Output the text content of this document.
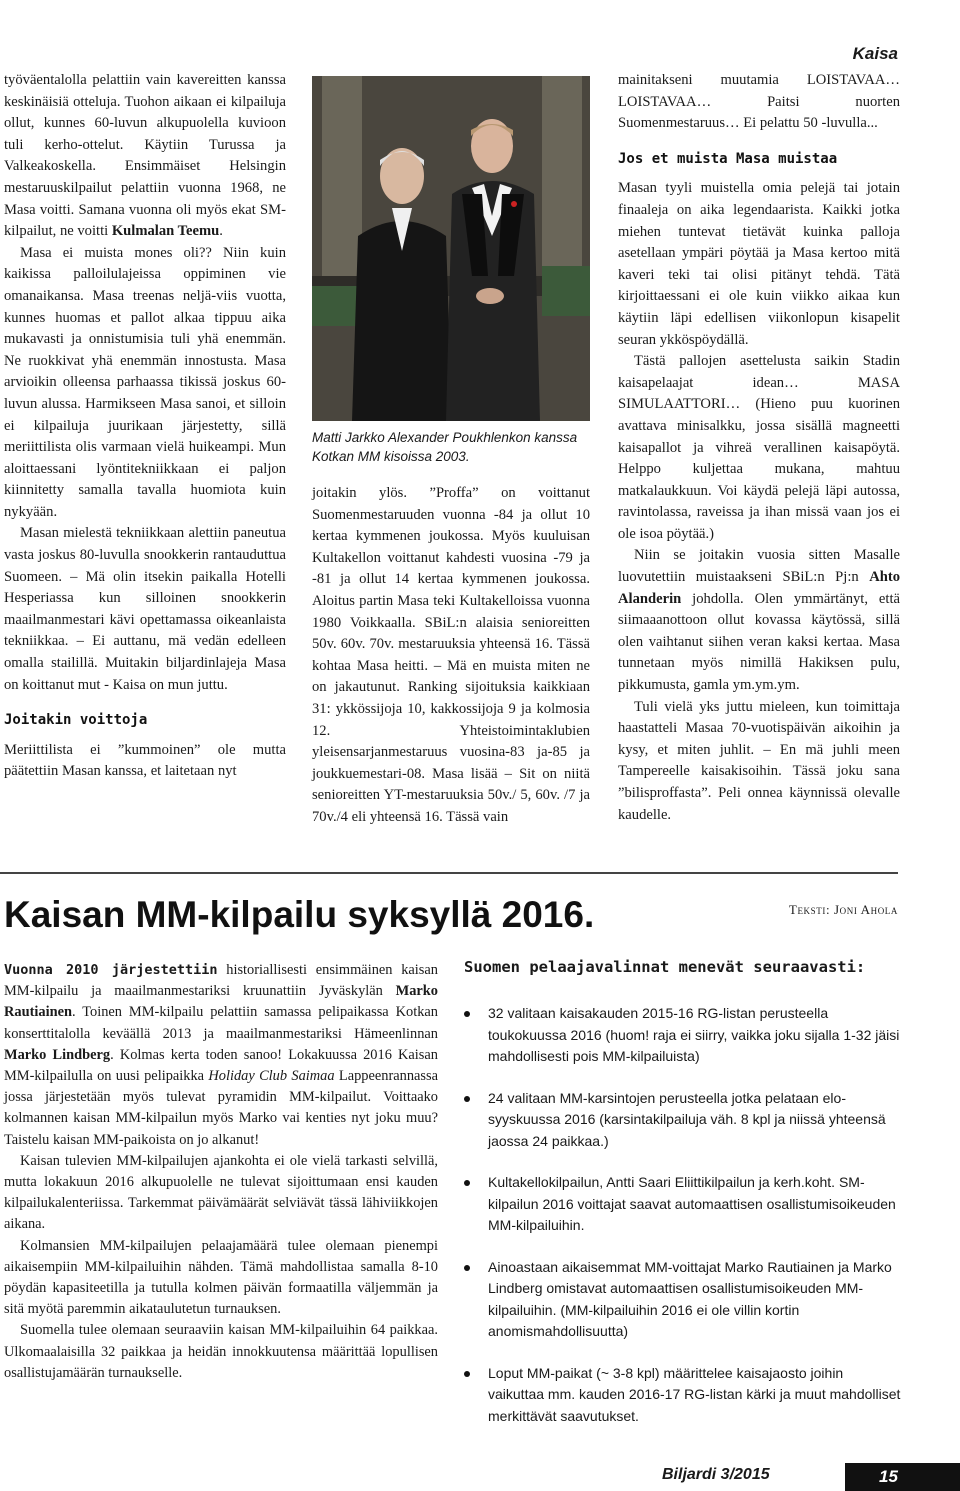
Kaisa

työväentalolla pelattiin vain kavereitten kanssa keskinäisiä otteluja. Tuohon aikaan ei kilpailuja ollut, kunnes 60-luvun alkupuolella kuvioon tuli kerho-ottelut. Käytiin Turussa ja Valkeakoskella. Ensimmäiset Helsingin mestaruuskilpailut pelattiin vuonna 1968, ne Masa voitti. Samana vuonna oli myös ekat SM-kilpailut, ne voitti Kulmalan Teemu.

Masa ei muista mones oli?? Niin kuin kaikissa palloilulajeissa oppiminen vie omanaikansa. Masa treenas neljä-viis vuotta, kunnes huomas et pallot alkaa tippuu aika mukavasti ja onnistumisia tuli yhä enemmän. Ne ruokkivat yhä enemmän innostusta. Masa arvioikin olleensa parhaassa tikissä joskus 60- luvun alussa. Harmikseen Masa sanoi, et silloin ei kilpailuja juurikaan järjestetty, sillä meriittilista olis varmaan vielä huikeampi. Mun aloittaessani lyöntitekniikkaan ei paljon kiinnitetty samalla tavalla huomiota kuin nykyään.

Masan mielestä tekniikkaan alettiin paneutua vasta joskus 80-luvulla snookkerin rantauduttua Suomeen. – Mä olin itsekin paikalla Hotelli Hesperiassa kun silloinen snookkerin maailmanmestari kävi opettamassa oikeanlaista tekniikkaa. – Ei auttanu, mä vedän edelleen omalla stailillä. Muitakin biljardinlajeja Masa on koittanut mut - Kaisa on mun juttu.

Joitakin voittoja

Meriittilista ei ”kummoinen” ole mutta päätettiin Masan kanssa, et laitetaan nyt

Matti Jarkko Alexander Poukhlenkon kanssa Kotkan MM kisoissa 2003.

joitakin ylös. ”Proffa” on voittanut Suomenmestaruuden vuonna -84 ja ollut 10 kertaa kymmenen joukossa. Myös kuuluisan Kultakellon voittanut kahdesti vuosina -79 ja -81 ja ollut 14 kertaa kymmenen joukossa. Aloitus partin Masa teki Kultakelloissa vuonna 1980 Voikkaalla. SBiL:n alaisia senioreitten 50v. 60v. 70v. mestaruuksia yhteensä 16. Tässä kohtaa Masa heitti. – Mä en muista miten ne on jakautunut. Ranking sijoituksia kaikkiaan 31: ykkössijoja 10, kakkossijoja 9 ja kolmosia 12. Yhteistoimintaklubien yleisensarjanmestaruus vuosina-83 ja-85 ja joukkuemestari-08. Masa lisää – Sit on niitä senioreitten YT-mestaruuksia 50v./ 5, 60v. /7 ja 70v./4 eli yhteensä 16. Tässä vain

mainitakseni muutamia LOISTAVAA… LOISTAVAA… Paitsi nuorten Suomenmestaruus… Ei pelattu 50 -luvulla...

Jos et muista Masa muistaa

Masan tyyli muistella omia pelejä tai jotain finaaleja on aika legendaarista. Kaikki jotka miehen tuntevat tietävät kuinka palloja asetellaan ympäri pöytää ja Masa kertoo mitä kaveri teki tai olisi pitänyt tehdä. Tätä kirjoittaessani ei ole kuin viikko aikaa kun käytiin läpi edellisen viikonlopun kisapelit seuran ykköspöydällä.

Tästä pallojen asettelusta saikin Stadin kaisapelaajat idean… MASA SIMULAATTORI… (Hieno puu kuorinen avattava minisalkku, jossa sisällä magneetti kaisapallot ja vihreä verallinen kaisapöytä. Helppo kuljettaa mukana, mahtuu matkalaukkuun. Voi käydä pelejä läpi autossa, ravintolassa, raveissa ja ihan missä vaan jos ei ole isoa pöytää.)

Niin se joitakin vuosia sitten Masalle luovutettiin muistaakseni SBiL:n Pj:n Ahto Alanderin johdolla. Olen ymmärtänyt, että siimaaanottoon ollut kovassa käytössä, sillä olen vaihtanut siihen veran kaksi kertaa. Masa tunnetaan myös nimillä Hakiksen pulu, pikkumusta, gamla ym.ym.ym.

Tuli vielä yks juttu mieleen, kun toimittaja haastatteli Masaa 70-vuotispäivän aikoihin ja kysy, et miten juhlit. – En mä juhli meen Tampereelle kaisakisoihin. Tässä joku sana ”bilisproffasta”. Peli onnea käynnissä olevalle kaudelle.

Kaisan MM-kilpailu syksyllä 2016.	Teksti: Joni Ahola

Vuonna 2010 järjestettiin historiallisesti ensimmäinen kaisan MM-kilpailu ja maailmanmestariksi kruunattiin Jyväskylän Marko Rautiainen. Toinen MM-kilpailu pelattiin samassa pelipaikassa Kotkan konserttitalolla keväällä 2013 ja maailmanmestariksi Hämeenlinnan Marko Lindberg. Kolmas kerta toden sanoo! Lokakuussa 2016 Kaisan MM-kilpailulla on uusi pelipaikka Holiday Club Saimaa Lappeenrannassa jossa järjestetään myös tulevat pyramidin MM-kilpailut. Voittaako kolmannen kaisan MM-kilpailun myös Marko vai kenties nyt joku muu? Taistelu kaisan MM-paikoista on jo alkanut!

Kaisan tulevien MM-kilpailujen ajankohta ei ole vielä tarkasti selvillä, mutta lokakuun 2016 alkupuolelle ne tulevat sijoittumaan ensi kauden kilpailukalenteriissa. Tarkemmat päivämäärät selviävät tässä lähiviikkojen aikana.

Kolmansien MM-kilpailujen pelaajamäärä tulee olemaan pienempi aikaisempiin MM-kilpailuihin nähden. Tämä mahdollistaa samalla 8-10 pöydän kapasiteetilla ja tutulla kolmen päivän formaatilla väljemmän ja sitä myötä paremmin aikataulutetun turnauksen.

Suomella tulee olemaan seuraaviin kaisan MM-kilpailuihin 64 paikkaa. Ulkomaalaisilla 32 paikkaa ja heidän innokkuutensa määrittää lopullisen osallistujamäärän turnaukselle.

Suomen pelaajavalinnat menevät seuraavasti:
32 valitaan kaisakauden 2015-16 RG-listan perusteella toukokuussa 2016 (huom! raja ei siirry, vaikka joku sijalla 1-32 jäisi mahdollisesti pois MM-kilpailuista)
24 valitaan MM-karsintojen perusteella jotka pelataan elo-syyskuussa 2016 (karsintakilpailuja väh. 8 kpl ja niissä yhteensä jaossa 24 paikkaa.)
Kultakellokilpailun, Antti Saari Eliittikilpailun ja kerh.koht. SM-kilpailun 2016 voittajat saavat automaattisen osallistumisoikeuden MM-kilpailuihin.
Ainoastaan aikaisemmat MM-voittajat Marko Rautiainen ja Marko Lindberg omistavat automaattisen osallistumisoikeuden MM-kilpailuihin. (MM-kilpailuihin 2016 ei ole villin kortin anomismahdollisuutta)
Loput MM-paikat (~ 3-8 kpl) määrittelee kaisajaosto joihin vaikuttaa mm. kauden 2016-17 RG-listan kärki ja muut mahdolliset merkittävät saavutukset.
Biljardi 3/2015	15
